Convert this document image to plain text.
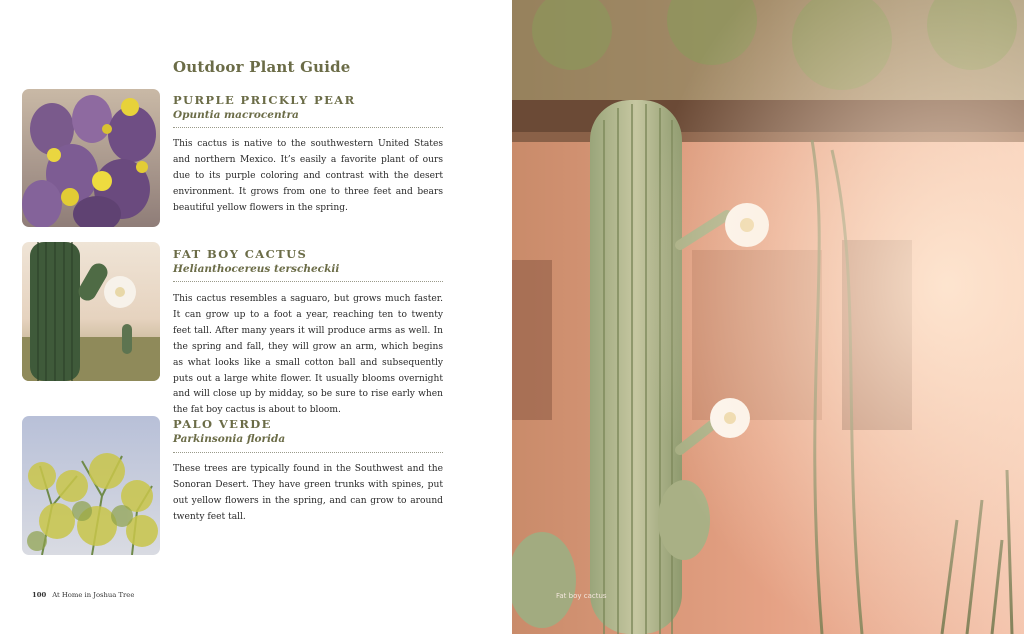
Outdoor Plant Guide
PURPLE PRICKLY PEAR
Opuntia macrocentra
This cactus is native to the southwestern United States and northern Mexico. It’s easily a favorite plant of ours due to its purple coloring and contrast with the desert environment. It grows from one to three feet and bears beautiful yellow flowers in the spring.
FAT BOY CACTUS
Helianthocereus terscheckii
This cactus resembles a saguaro, but grows much faster. It can grow up to a foot a year, reaching ten to twenty feet tall. After many years it will produce arms as well. In the spring and fall, they will grow an arm, which begins as what looks like a small cotton ball and subsequently puts out a large white flower. It usually blooms overnight and will close up by midday, so be sure to rise early when the fat boy cactus is about to bloom.
PALO VERDE
Parkinsonia florida
These trees are typically found in the Southwest and the Sonoran Desert. They have green trunks with spines, put out yellow flowers in the spring, and can grow to around twenty feet tall.
100 At Home in Joshua Tree	Fat boy cactus
